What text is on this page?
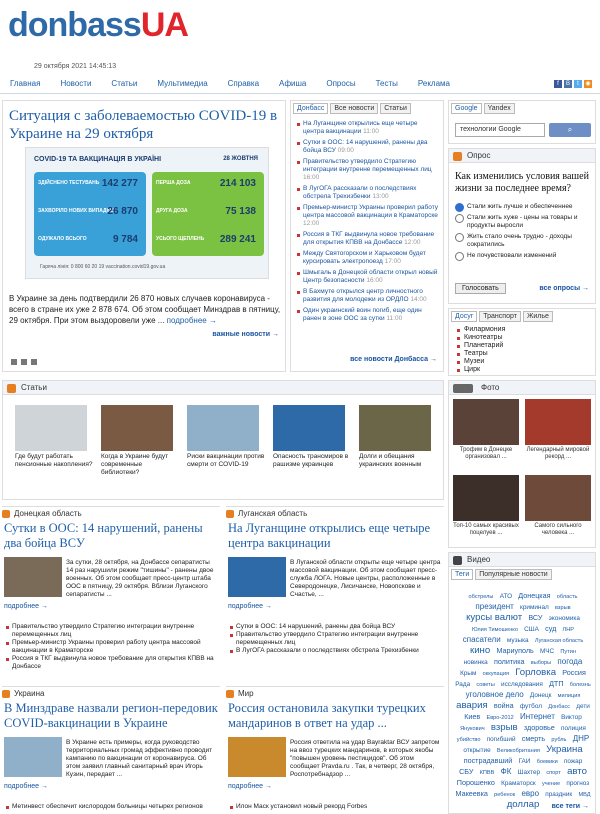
donbassUA
29 октября 2021 14:45:13
Главная	Новости	Статьи	Мультимедиа	Справка	Афиша	Опросы	Тесты	Реклама	f	B	t	◉
Ситуация с заболеваемостью COVID-19 в Украине на 29 октября
COVID-19 ТА ВАКЦИНАЦІЯ В УКРАЇНІ	28 ЖОВТНЯ
ЗДІЙСНЕНО ТЕСТУВАНЬ 142 277
ЗАХВОРІЛО НОВИХ ВИПАДКІВ
26 870
ОДУЖАЛО ВСЬОГО	9 784
ПЕРША ДОЗА	214 103
ДРУГА ДОЗА	75 138
УСЬОГО ЩЕПЛЕНЬ 289 241
Гаряча лінія: 0 800 60 20 19 vaccination.covid19.gov.ua
В Украине за день подтвердили 26 870 новых случаев коронавируса - всего в стране их уже 2 878 674. Об этом сообщает Минздрав в пятницу, 29 октября. При этом выздоровели уже ... подробнее →
важные новости →
Донбасс	Все новости	Статьи
На Луганщине открылись еще четыре центра вакцинации 11:00
Сутки в ООС: 14 нарушений, ранены два бойца ВСУ 09:00
Правительство утвердило Стратегию интеграции внутренне перемещенных лиц 16:00
В ЛугОГА рассказали о последствиях обстрела Трехизбенки 13:00
Премьер-министр Украины проверил работу центра массовой вакцинации в Краматорске 12:00
Россия в ТКГ выдвинула новое требование для открытия КПВВ на Донбассе 12:00
Между Святогорском и Харьковом будет курсировать электропоезд 17:00
Шмыгаль в Донецкой области открыл новый Центр безопасности 16:00
В Бахмуте открылся центр личностного развития для молодежи из ОРДЛО 14:00
Один украинский воин погиб, еще один ранен в зоне ООС за сутки 11:00
все новости Донбасса →
Google	Yandex
технологии Google	⌕
Опрос
Как изменились условия вашей жизни за последнее время?
Стали жить лучше и обеспеченнее
Стали жить хуже - цены на товары и продукты выросли
Жить стало очень трудно - доходы сократились
Не почувствовали изменений
Голосовать	все опросы →
Досуг	Транспорт	Жилье
Филармония
Кинотеатры
Планетарий
Театры
Музеи
Цирк
Фото
Трофим в Донецке организовал ...
Легендарный мировой рекорд ...
Топ-10 самых красивых поцелуев ...
Самого сильного человека ...
Статьи
Где будут работать пенсионные накопления?
Когда в Украине будут современные библиотеки?
Риски вакцинации против смерти от COVID-19
Опасность трансмиров в рашизме украинцев
Долги и обещания украинских военным
Донецкая область
Сутки в ООС: 14 нарушений, ранены два бойца ВСУ
За сутки, 28 октября, на Донбассе сепаратисты 14 раз нарушили режим "тишины" - ранены двое военных. Об этом сообщает пресс-центр штаба ООС в пятницу, 29 октября. Вблизи Луганского сепаратисты ...
подробнее →
Правительство утвердило Стратегию интеграции внутренне перемещенных лиц
Премьер-министр Украины проверил работу центра массовой вакцинации в Краматорске
Россия в ТКГ выдвинула новое требование для открытия КПВВ на Донбассе
Луганская область
На Луганщине открылись еще четыре центра вакцинации
В Луганской области открыты еще четыре центра массовой вакцинации. Об этом сообщает пресс-служба ЛОГА. Новые центры, расположенные в Северодонецке, Лисичанске, Новопскове и Счастье, ...
подробнее →
Сутки в ООС: 14 нарушений, ранены два бойца ВСУ
Правительство утвердило Стратегию интеграции внутренне перемещенных лиц
В ЛугОГА рассказали о последствиях обстрела Трехизбенки
Украина
В Минздраве назвали регион-передовик COVID-вакцинации в Украине
В Украине есть примеры, когда руководство территориальных громад эффективно проводит кампанию по вакцинации от коронавируса. Об этом заявил главный санитарный врач Игорь Кузин, передает ...
подробнее →
Метинвест обеспечит кислородом больницы четырех регионов
Мир
Россия остановила закупки турецких мандаринов в ответ на удар ...
Россия ответила на удар Bayraktar ВСУ запретом на ввоз турецких мандаринов, в которых якобы "повышен уровень пестицидов". Об этом сообщает Pravda.ru . Так, в четверг, 28 октября, Роспотребнадзор ...
подробнее →
Илон Маск установил новый рекорд Forbes
Видео
Теги	Популярные новости
обстрелы АТО Донецкая область президент криминал взрыв курсы валют ВСУ экономика Юлия Тимошенко США суд ЛНР спасатели музыка Луганская область кино Мариуполь МЧС Путин новинка политика выборы погода Крым оккупация Горловка Россия Рада советы исследования ДТП болезнь уголовное дело Донецк милиция авария война футбол Донбасс дети Киев Евро-2012 Интернет Виктор Янукович взрыв здоровье полиция убийство погибший смерть рубль ДНР открытие Великобритания Украина пострадавший ГАИ боевики пожар СБУ КПВВ ФК Шахтер спорт авто Порошенко Краматорск учение прогноз Макеевка ребенок евро праздник МВД доллар	все теги →
